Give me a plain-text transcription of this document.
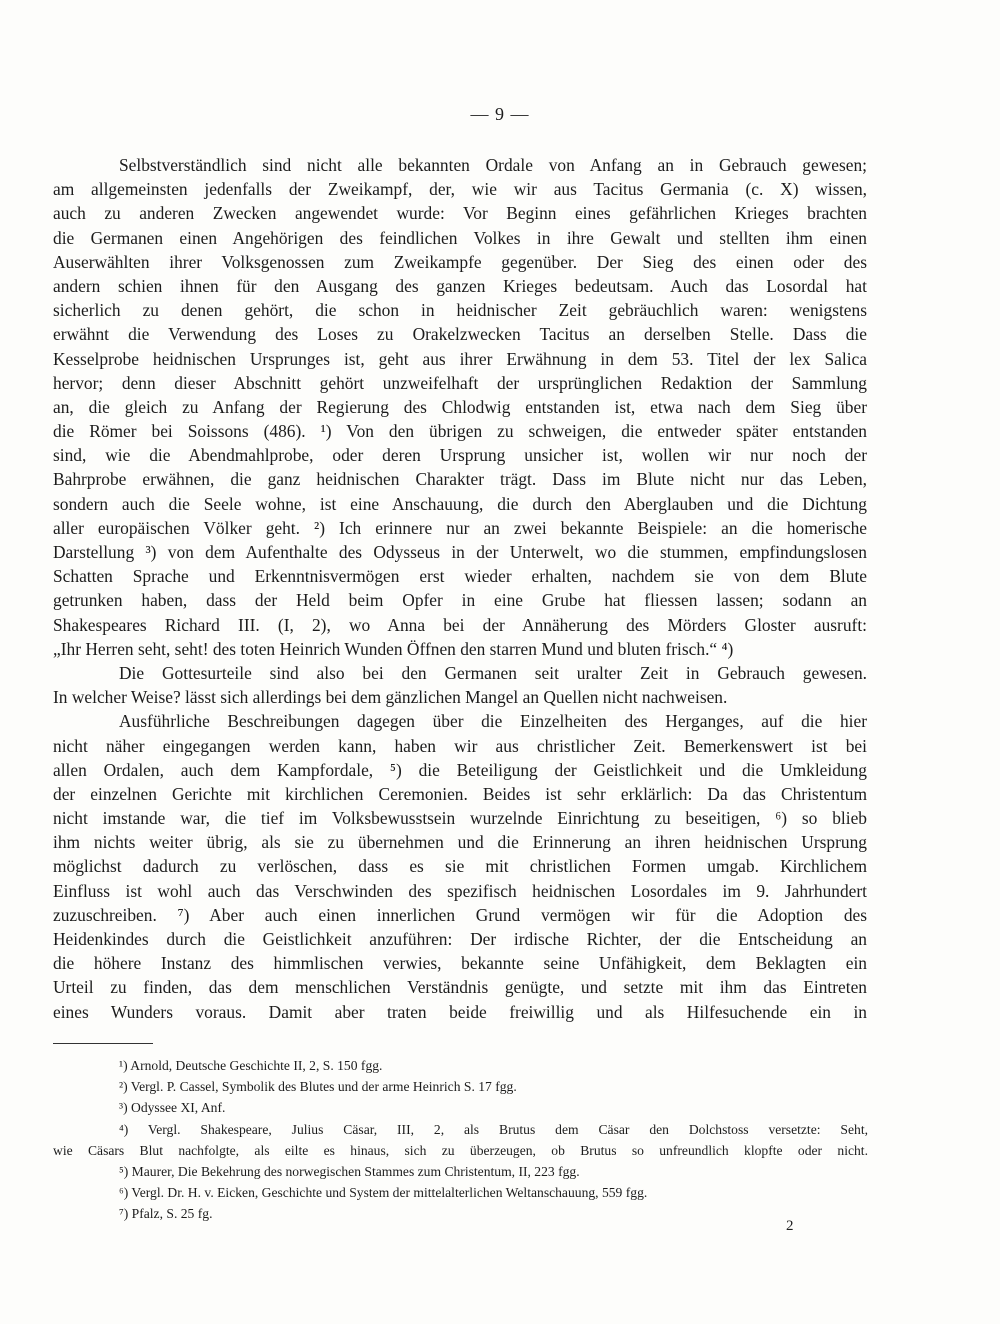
— 9 —
Selbstverständlich sind nicht alle bekannten Ordale von Anfang an in Gebrauch gewesen;
am allgemeinsten jedenfalls der Zweikampf, der, wie wir aus Tacitus Germania (c. X) wissen,
auch zu anderen Zwecken angewendet wurde: Vor Beginn eines gefährlichen Krieges brachten
die Germanen einen Angehörigen des feindlichen Volkes in ihre Gewalt und stellten ihm einen
Auserwählten ihrer Volksgenossen zum Zweikampfe gegenüber. Der Sieg des einen oder des
andern schien ihnen für den Ausgang des ganzen Krieges bedeutsam. Auch das Losordal hat
sicherlich zu denen gehört, die schon in heidnischer Zeit gebräuchlich waren: wenigstens
erwähnt die Verwendung des Loses zu Orakelzwecken Tacitus an derselben Stelle. Dass die
Kesselprobe heidnischen Ursprunges ist, geht aus ihrer Erwähnung in dem 53. Titel der lex Salica
hervor; denn dieser Abschnitt gehört unzweifelhaft der ursprünglichen Redaktion der Sammlung
an, die gleich zu Anfang der Regierung des Chlodwig entstanden ist, etwa nach dem Sieg über
die Römer bei Soissons (486). ¹) Von den übrigen zu schweigen, die entweder später entstanden
sind, wie die Abendmahlprobe, oder deren Ursprung unsicher ist, wollen wir nur noch der
Bahrprobe erwähnen, die ganz heidnischen Charakter trägt. Dass im Blute nicht nur das Leben,
sondern auch die Seele wohne, ist eine Anschauung, die durch den Aberglauben und die Dichtung
aller europäischen Völker geht. ²) Ich erinnere nur an zwei bekannte Beispiele: an die homerische
Darstellung ³) von dem Aufenthalte des Odysseus in der Unterwelt, wo die stummen, empfindungslosen
Schatten Sprache und Erkenntnisvermögen erst wieder erhalten, nachdem sie von dem Blute
getrunken haben, dass der Held beim Opfer in eine Grube hat fliessen lassen; sodann an
Shakespeares Richard III. (I, 2), wo Anna bei der Annäherung des Mörders Gloster ausruft:
„Ihr Herren seht, seht! des toten Heinrich Wunden Öffnen den starren Mund und bluten frisch.“ ⁴)
Die Gottesurteile sind also bei den Germanen seit uralter Zeit in Gebrauch gewesen.
In welcher Weise? lässt sich allerdings bei dem gänzlichen Mangel an Quellen nicht nachweisen.
Ausführliche Beschreibungen dagegen über die Einzelheiten des Herganges, auf die hier
nicht näher eingegangen werden kann, haben wir aus christlicher Zeit. Bemerkenswert ist bei
allen Ordalen, auch dem Kampfordale, ⁵) die Beteiligung der Geistlichkeit und die Umkleidung
der einzelnen Gerichte mit kirchlichen Ceremonien. Beides ist sehr erklärlich: Da das Christentum
nicht imstande war, die tief im Volksbewusstsein wurzelnde Einrichtung zu beseitigen, ⁶) so blieb
ihm nichts weiter übrig, als sie zu übernehmen und die Erinnerung an ihren heidnischen Ursprung
möglichst dadurch zu verlöschen, dass es sie mit christlichen Formen umgab. Kirchlichem
Einfluss ist wohl auch das Verschwinden des spezifisch heidnischen Losordales im 9. Jahrhundert
zuzuschreiben. ⁷) Aber auch einen innerlichen Grund vermögen wir für die Adoption des
Heidenkindes durch die Geistlichkeit anzuführen: Der irdische Richter, der die Entscheidung an
die höhere Instanz des himmlischen verwies, bekannte seine Unfähigkeit, dem Beklagten ein
Urteil zu finden, das dem menschlichen Verständnis genügte, und setzte mit ihm das Eintreten
eines Wunders voraus. Damit aber traten beide freiwillig und als Hilfesuchende ein in
¹) Arnold, Deutsche Geschichte II, 2, S. 150 fgg.
²) Vergl. P. Cassel, Symbolik des Blutes und der arme Heinrich S. 17 fgg.
³) Odyssee XI, Anf.
⁴) Vergl. Shakespeare, Julius Cäsar, III, 2, als Brutus dem Cäsar den Dolchstoss versetzte: Seht,
wie Cäsars Blut nachfolgte, als eilte es hinaus, sich zu überzeugen, ob Brutus so unfreundlich klopfte oder nicht.
⁵) Maurer, Die Bekehrung des norwegischen Stammes zum Christentum, II, 223 fgg.
⁶) Vergl. Dr. H. v. Eicken, Geschichte und System der mittelalterlichen Weltanschauung, 559 fgg.
⁷) Pfalz, S. 25 fg.
2
